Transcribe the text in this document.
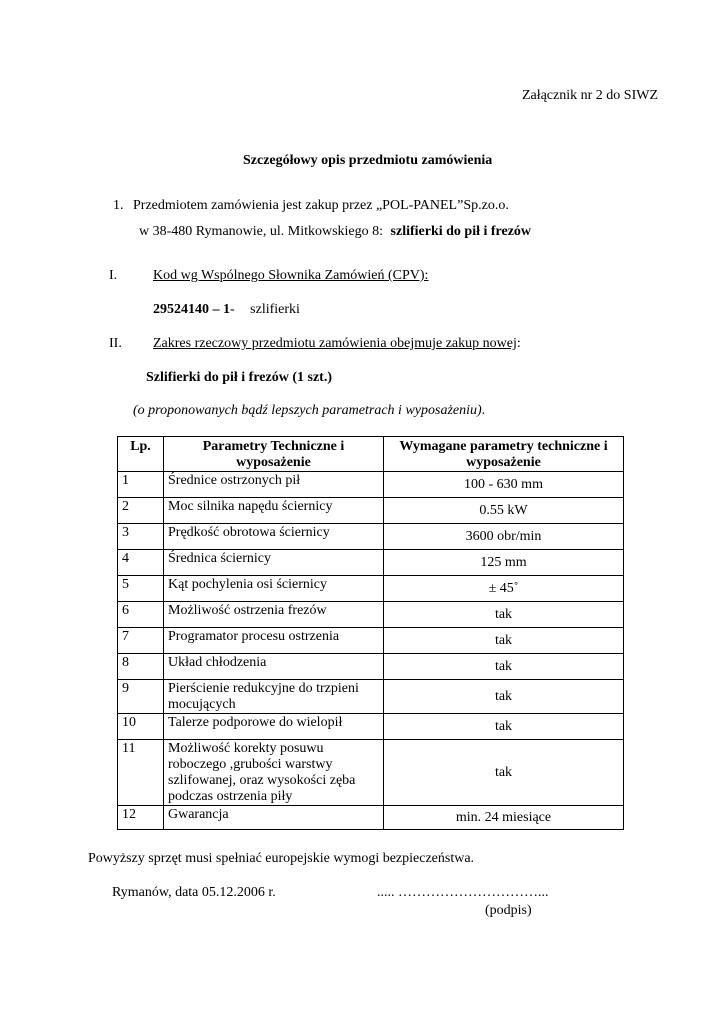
Załącznik nr 2 do SIWZ
Szczegółowy opis przedmiotu zamówienia
1. Przedmiotem zamówienia jest zakup przez „POL-PANEL”Sp.zo.o.
w 38-480 Rymanowie, ul. Mitkowskiego 8: szlifierki do pił i frezów
I.	Kod wg Wspólnego Słownika Zamówień (CPV):
29524140 – 1- szlifierki
II. Zakres rzeczowy przedmiotu zamówienia obejmuje zakup nowej:
Szlifierki do pił i frezów (1 szt.)
(o proponowanych bądź lepszych parametrach i wyposażeniu).
Lp.	Parametry Techniczne i wyposażenie	Wymagane parametry techniczne i wyposażenie
1	Średnice ostrzonych pił	100 - 630 mm
2	Moc silnika napędu ściernicy	0.55 kW
3	Prędkość obrotowa ściernicy	3600 obr/min
4	Średnica ściernicy	125 mm
5	Kąt pochylenia osi ściernicy	± 45˚
6	Możliwość ostrzenia frezów	tak
7	Programator procesu ostrzenia	tak
8	Układ chłodzenia	tak
9	Pierścienie redukcyjne do trzpieni mocujących	tak
10	Talerze podporowe do wielopił	tak
11	Możliwość korekty posuwu roboczego ,grubości warstwy szlifowanej, oraz wysokości zęba podczas ostrzenia piły	tak
12	Gwarancja	min. 24 miesiące
Powyższy sprzęt musi spełniać europejskie wymogi bezpieczeństwa.
Rymanów, data 05.12.2006 r.	..... …………………………...
(podpis)
